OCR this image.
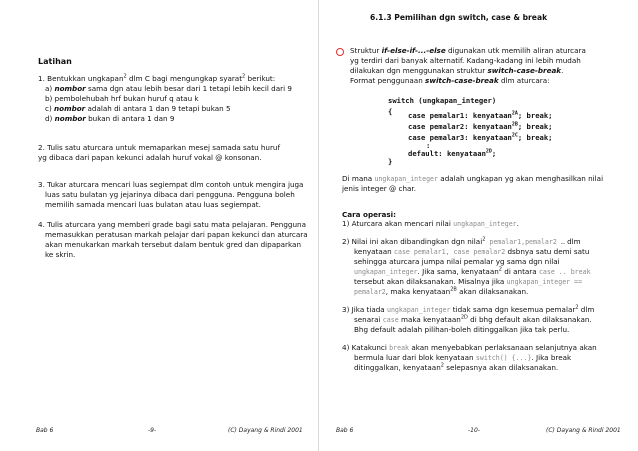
Latihan
1. Bentukkan ungkapan$^2$ dlm C bagi mengungkap syarat$^2$ berikut:
a) nombor sama dgn atau lebih besar dari 1 tetapi lebih kecil dari 9
b) pembolehubah hrf bukan huruf q atau k
c) nombor adalah di antara 1 dan 9 tetapi bukan 5
d) nombor bukan di antara 1 dan 9
2. Tulis satu aturcara untuk memaparkan mesej samada satu huruf
yg dibaca dari papan kekunci adalah huruf vokal @ konsonan.
3. Tukar aturcara mencari luas segiempat dlm contoh untuk mengira juga
luas satu bulatan yg jejarinya dibaca dari pengguna. Pengguna boleh
memilih samada mencari luas bulatan atau luas segiempat.
4. Tulis aturcara yang memberi grade bagi satu mata pelajaran. Pengguna
memasukkan peratusan markah pelajar dari papan kekunci dan aturcara
akan menukarkan markah tersebut dalam bentuk gred dan dipaparkan
ke skrin.
Bab 6	-9-	(C) Dayang & Rindi 2001
6.1.3 Pemilihan dgn switch, case & break
Struktur if-else-if-...-else digunakan utk memilih aliran aturcara
yg terdiri dari banyak alternatif. Kadang-kadang ini lebih mudah
dilakukan dgn menggunakan struktur switch-case-break.
Format penggunaan switch-case-break dlm aturcara:
switch (ungkapan_integer)
{ case pemalar1: kenyataan$^{2A}$; break;
case pemalar2: kenyataan$^{2B}$; break;
case pemalar3: kenyataan$^{2C}$; break;
:
default: kenyataan$^{2D}$;
}
Di mana ungkapan_integer adalah ungkapan yg akan menghasilkan nilai
jenis integer @ char.
Cara operasi:
1) Aturcara akan mencari nilai ungkapan_integer.
2) Nilai ini akan dibandingkan dgn nilai$^2$ pemalar1,pemalar2 … dlm
kenyataan case pemalar1, case pemalar2 dsbnya satu demi satu
sehingga aturcara jumpa nilai pemalar yg sama dgn nilai
ungkapan_integer. Jika sama, kenyataan$^2$ di antara case .. break
tersebut akan dilaksanakan. Misalnya jika ungkapan_integer ==
pemalar2, maka kenyataan$^{2B}$ akan dilaksanakan.
3) Jika tiada ungkapan_integer tidak sama dgn kesemua pemalar$^2$ dlm
senarai case maka kenyataan$^{2D}$ di bhg default akan dilaksanakan.
Bhg default adalah pilihan-boleh ditinggalkan jika tak perlu.
4) Katakunci break akan menyebabkan perlaksanaan selanjutnya akan
bermula luar dari blok kenyataan switch() {...}. Jika break
ditinggalkan, kenyataan$^2$ selepasnya akan dilaksanakan.
Bab 6	-10-	(C) Dayang & Rindi 2001
